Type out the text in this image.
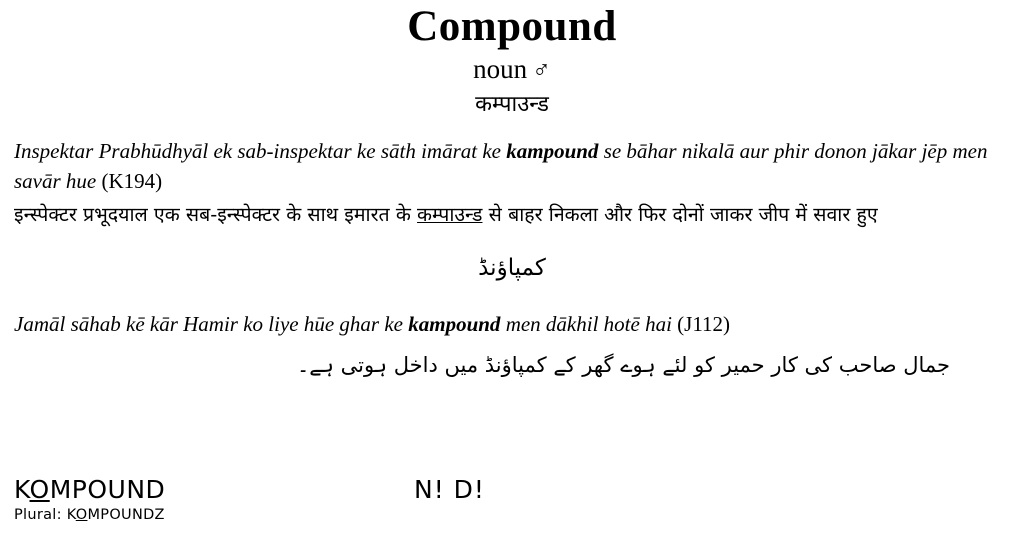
Compound
noun ♂
कम्पाउन्ड
Inspektar Prabhūdhyāl ek sab-inspektar ke sāth imārat ke kampound se bāhar nikalā aur phir donon jākar jēp men savār hue (K194)
इन्स्पेक्टर प्रभूदयाल एक सब-इन्स्पेक्टर के साथ इमारत के कम्पाउन्ड से बाहर निकला और फिर दोनों जाकर जीप में सवार हुए
کمپاؤنڈ
Jamāl sāhab kē kār Hamir ko liye hūe ghar ke kampound men dākhil hotē hai (J112)
جمال صاحب کی کار حمیر کو لئے ہوے گھر کے کمپاؤنڈ میں داخل ہوتی ہے۔
KOMPOUND	N! D!
Plural: KOMPOUNDZ
